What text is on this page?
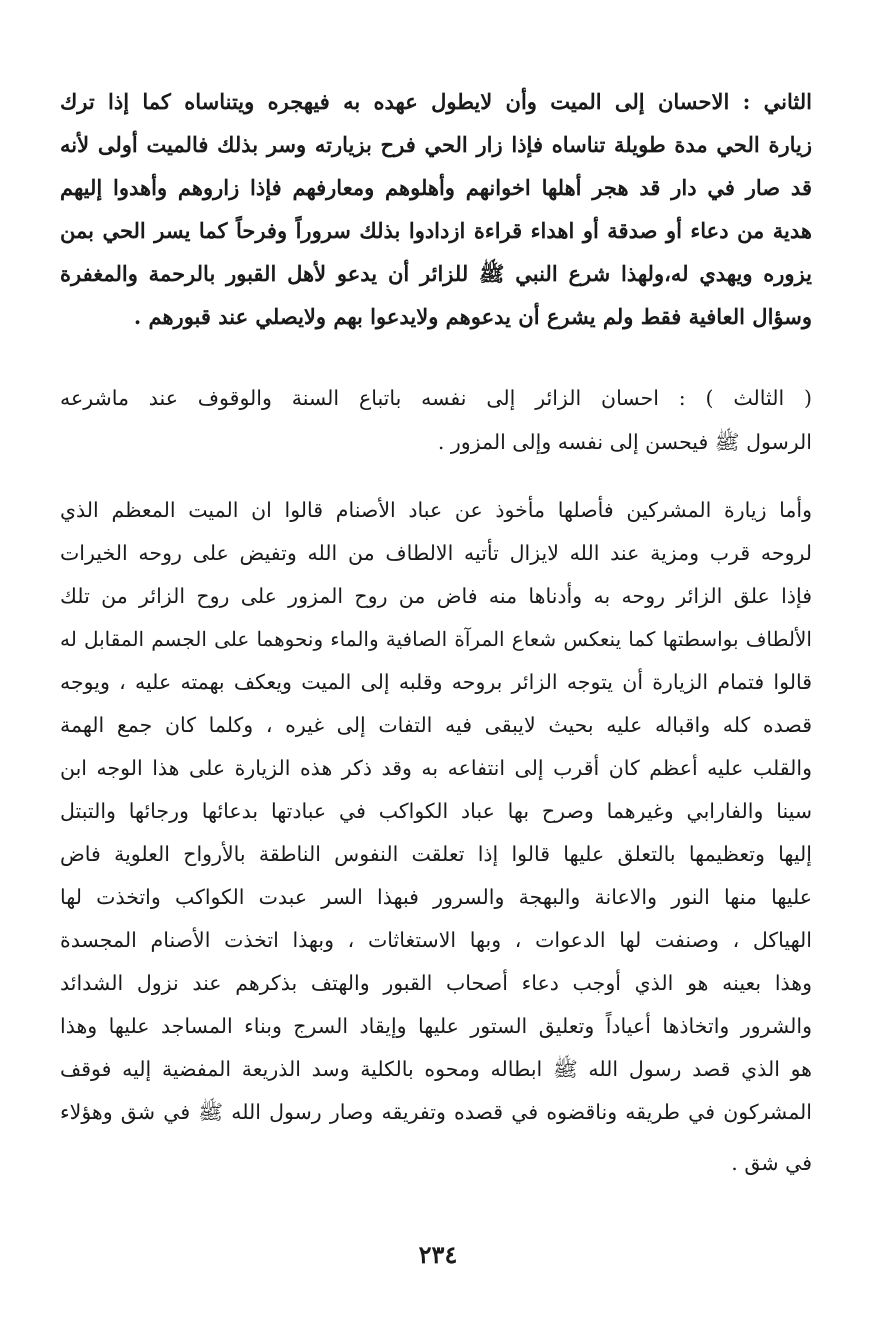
الثاني : الاحسان إلى الميت وأن لايطول عهده به فيهجره ويتناساه كما إذا ترك
زيارة الحي مدة طويلة تناساه فإذا زار الحي فرح بزيارته وسر بذلك فالميت أولى لأنه
قد صار في دار قد هجر أهلها اخوانهم وأهلوهم ومعارفهم فإذا زاروهم وأهدوا إليهم
هدية من دعاء أو صدقة أو اهداء قراءة ازدادوا بذلك سروراً وفرحاً كما يسر الحي بمن
يزوره ويهدي له،ولهذا شرع النبي ﷺ للزائر أن يدعو لأهل القبور بالرحمة والمغفرة
وسؤال العافية فقط ولم يشرع أن يدعوهم ولايدعوا بهم ولايصلي عند قبورهم .
( الثالث ) : احسان الزائر إلى نفسه باتباع السنة والوقوف عند ماشرعه
الرسول ﷺ فيحسن إلى نفسه وإلى المزور .
وأما زيارة المشركين فأصلها مأخوذ عن عباد الأصنام قالوا ان الميت المعظم الذي
لروحه قرب ومزية عند الله لايزال تأتيه الالطاف من الله وتفيض على روحه الخيرات
فإذا علق الزائر روحه به وأدناها منه فاض من روح المزور على روح الزائر من تلك
الألطاف بواسطتها كما ينعكس شعاع المرآة الصافية والماء ونحوهما على الجسم المقابل له
قالوا فتمام الزيارة أن يتوجه الزائر بروحه وقلبه إلى الميت ويعكف بهمته عليه ، ويوجه
قصده كله واقباله عليه بحيث لايبقى فيه التفات إلى غيره ، وكلما كان جمع الهمة
والقلب عليه أعظم كان أقرب إلى انتفاعه به وقد ذكر هذه الزيارة على هذا الوجه ابن
سينا والفارابي وغيرهما وصرح بها عباد الكواكب في عبادتها بدعائها ورجائها والتبتل
إليها وتعظيمها بالتعلق عليها قالوا إذا تعلقت النفوس الناطقة بالأرواح العلوية فاض
عليها منها النور والاعانة والبهجة والسرور فبهذا السر عبدت الكواكب واتخذت لها
الهياكل ، وصنفت لها الدعوات ، وبها الاستغاثات ، وبهذا اتخذت الأصنام المجسدة
وهذا بعينه هو الذي أوجب دعاء أصحاب القبور والهتف بذكرهم عند نزول الشدائد
والشرور واتخاذها أعياداً وتعليق الستور عليها وإيقاد السرج وبناء المساجد عليها وهذا
هو الذي قصد رسول الله ﷺ ابطاله ومحوه بالكلية وسد الذريعة المفضية إليه فوقف
المشركون في طريقه وناقضوه في قصده وتفريقه وصار رسول الله ﷺ في شق وهؤلاء
في شق .
٢٣٤
